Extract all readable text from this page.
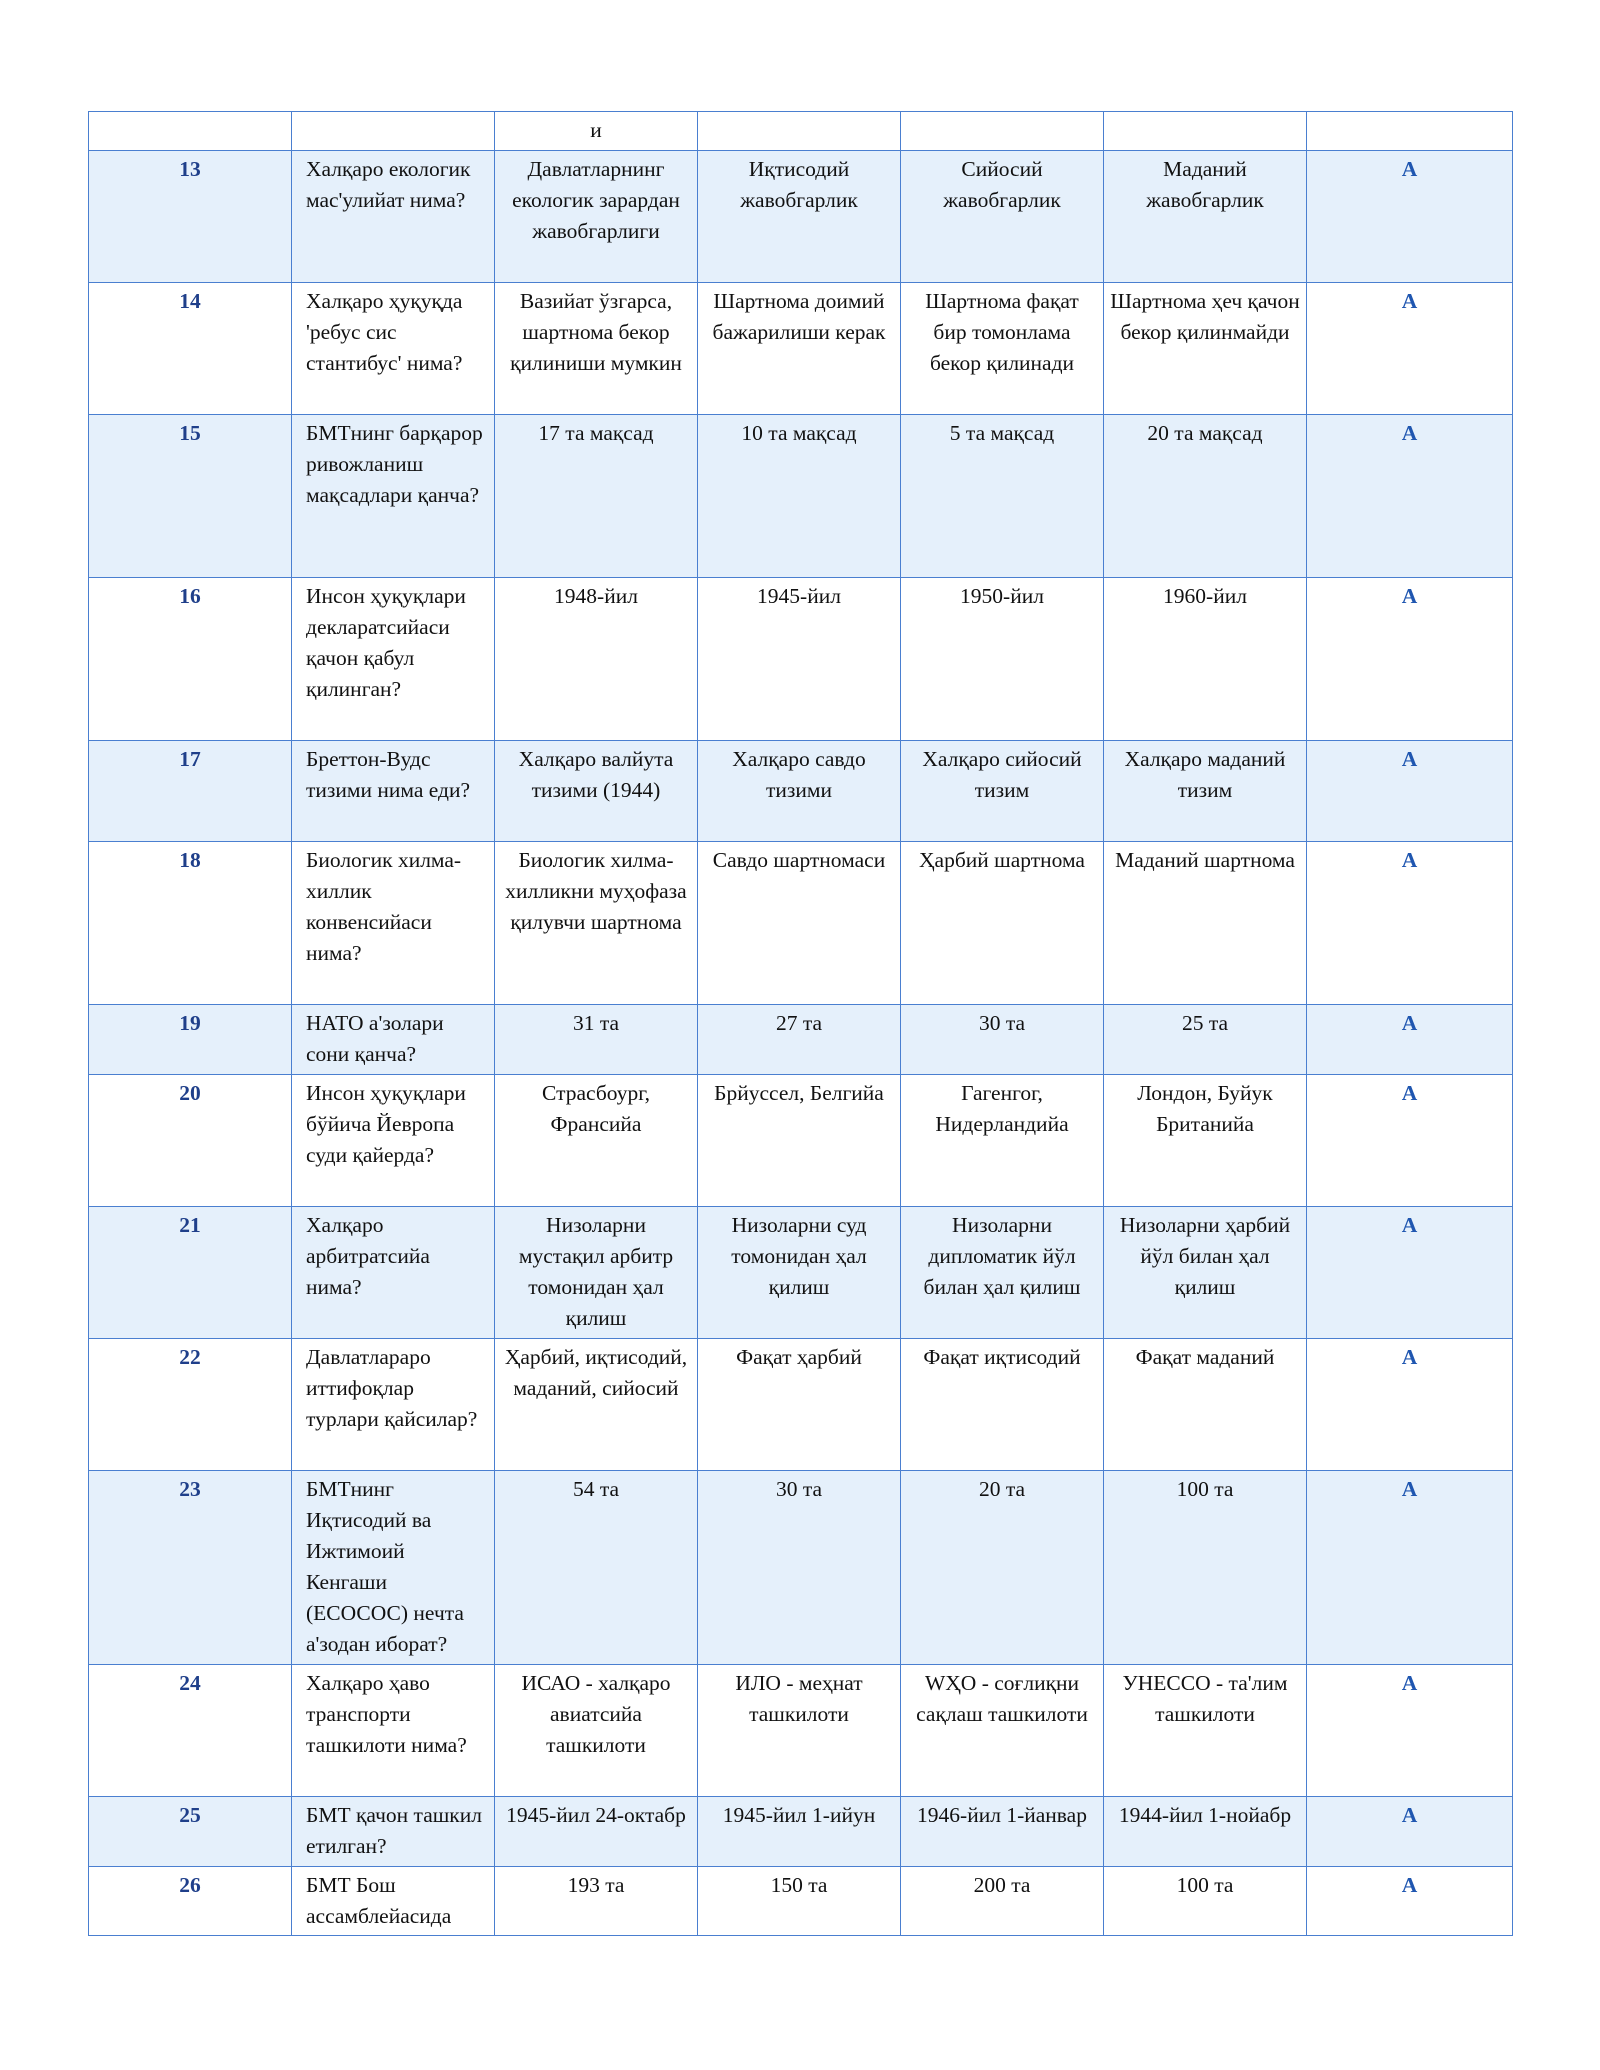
		и				
13	Халқаро екологик мас'улийат нима?	Давлатларнинг екологик зарардан жавобгарлиги	Иқтисодий жавобгарлик	Сийосий жавобгарлик	Маданий жавобгарлик	A
14	Халқаро ҳуқуқда 'ребус сис стантибус' нима?	Вазийат ўзгарса, шартнома бекор қилиниши мумкин	Шартнома доимий бажарилиши керак	Шартнома фақат бир томонлама бекор қилинади	Шартнома ҳеч қачон бекор қилинмайди	A
15	БМТнинг барқарор ривожланиш мақсадлари қанча?	17 та мақсад	10 та мақсад	5 та мақсад	20 та мақсад	A
16	Инсон ҳуқуқлари декларатсийаси қачон қабул қилинган?	1948-йил	1945-йил	1950-йил	1960-йил	A
17	Бреттон-Вудс тизими нима еди?	Халқаро валйута тизими (1944)	Халқаро савдо тизими	Халқаро сийосий тизим	Халқаро маданий тизим	A
18	Биологик хилма-хиллик конвенсийаси нима?	Биологик хилма-хилликни муҳофаза қилувчи шартнома	Савдо шартномаси	Ҳарбий шартнома	Маданий шартнома	A
19	НАТО а'золари сони қанча?	31 та	27 та	30 та	25 та	A
20	Инсон ҳуқуқлари бўйича Йевропа суди қайерда?	Страсбоург, Франсийа	Брйуссел, Белгийа	Гагенгог, Нидерландийа	Лондон, Буйук Британийа	A
21	Халқаро арбитратсийа нима?	Низоларни мустақил арбитр томонидан ҳал қилиш	Низоларни суд томонидан ҳал қилиш	Низоларни дипломатик йўл билан ҳал қилиш	Низоларни ҳарбий йўл билан ҳал қилиш	A
22	Давлатлараро иттифоқлар турлари қайсилар?	Ҳарбий, иқтисодий, маданий, сийосий	Фақат ҳарбий	Фақат иқтисодий	Фақат маданий	A
23	БМТнинг Иқтисодий ва Ижтимоий Кенгаши (ЕСОСОС) нечта а'зодан иборат?	54 та	30 та	20 та	100 та	A
24	Халқаро ҳаво транспорти ташкилоти нима?	ИСАО - халқаро авиатсийа ташкилоти	ИЛО - меҳнат ташкилоти	WҲО - соғлиқни сақлаш ташкилоти	УНЕССО - та'лим ташкилоти	A
25	БМТ қачон ташкил етилган?	1945-йил 24-октабр	1945-йил 1-ийун	1946-йил 1-йанвар	1944-йил 1-нойабр	A
26	БМТ Бош ассамблейасида	193 та	150 та	200 та	100 та	A
